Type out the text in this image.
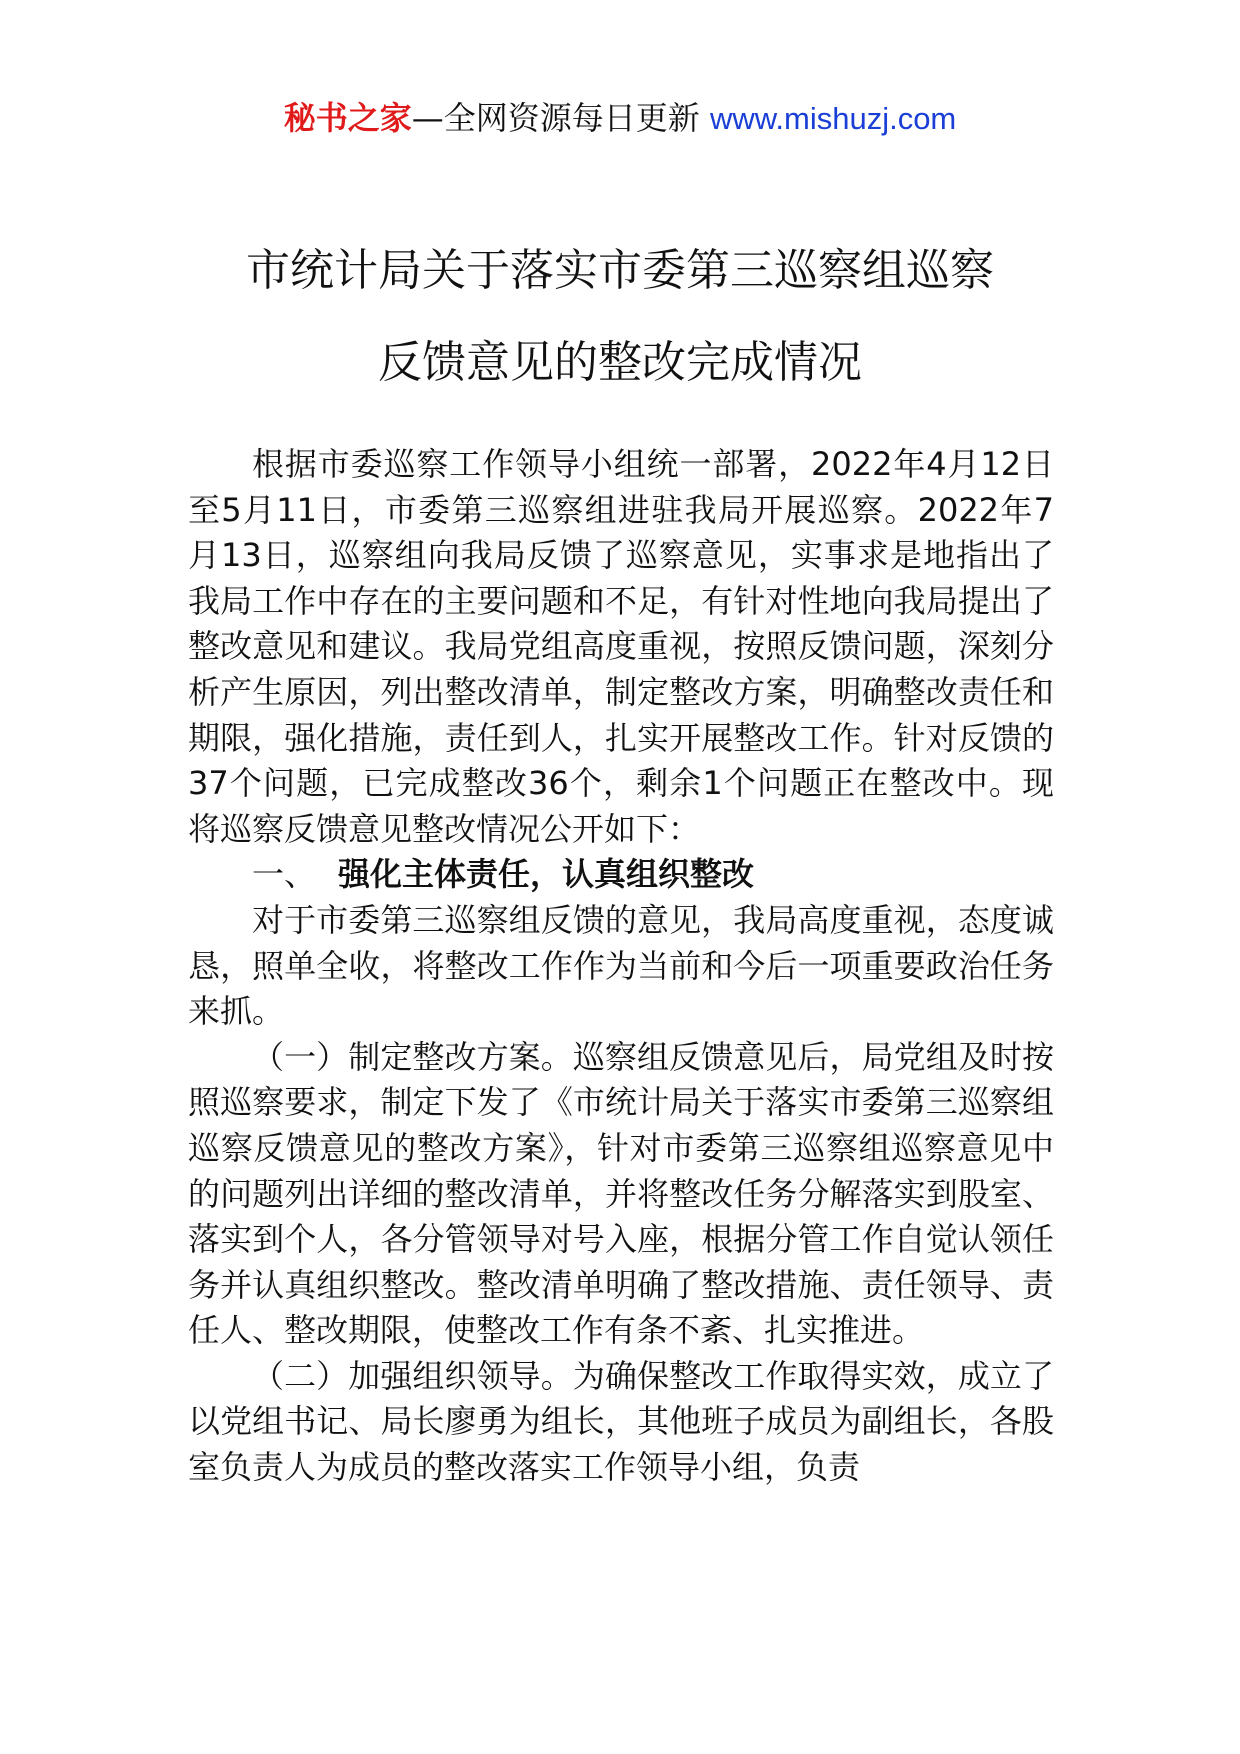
秘书之家—全网资源每日更新 www.mishuzj.com
市统计局关于落实市委第三巡察组巡察
反馈意见的整改完成情况

根据市委巡察工作领导小组统一部署，2022年4月12日至5月11日，市委第三巡察组进驻我局开展巡察。2022年7月13日，巡察组向我局反馈了巡察意见，实事求是地指出了我局工作中存在的主要问题和不足，有针对性地向我局提出了整改意见和建议。我局党组高度重视，按照反馈问题，深刻分析产生原因，列出整改清单，制定整改方案，明确整改责任和期限，强化措施，责任到人，扎实开展整改工作。针对反馈的37个问题，已完成整改36个，剩余1个问题正在整改中。现将巡察反馈意见整改情况公开如下：

一、 强化主体责任，认真组织整改

对于市委第三巡察组反馈的意见，我局高度重视，态度诚恳，照单全收，将整改工作作为当前和今后一项重要政治任务来抓。

（一）制定整改方案。巡察组反馈意见后，局党组及时按照巡察要求，制定下发了《市统计局关于落实市委第三巡察组巡察反馈意见的整改方案》，针对市委第三巡察组巡察意见中的问题列出详细的整改清单，并将整改任务分解落实到股室、落实到个人，各分管领导对号入座，根据分管工作自觉认领任务并认真组织整改。整改清单明确了整改措施、责任领导、责任人、整改期限，使整改工作有条不紊、扎实推进。

（二）加强组织领导。为确保整改工作取得实效，成立了以党组书记、局长廖勇为组长，其他班子成员为副组长，各股室负责人为成员的整改落实工作领导小组，负责
